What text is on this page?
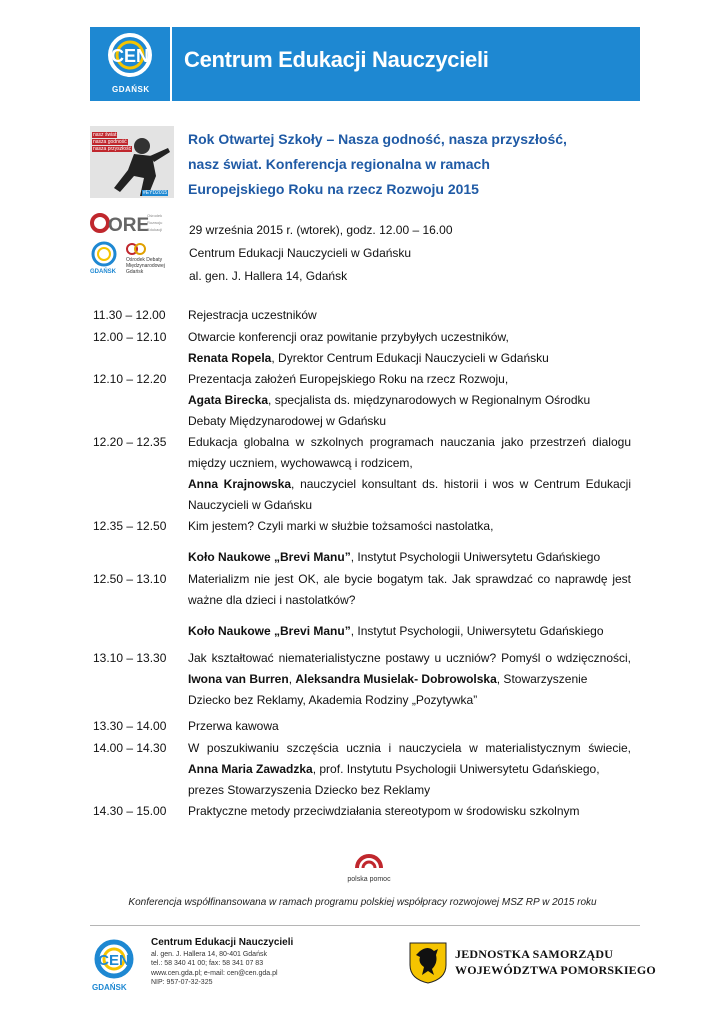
CEN
GDAŃSK
Centrum Edukacji Nauczycieli
nasz świat
nasza godność
nasza przyszłość
#EYD2015
Rok Otwartej Szkoły – Nasza godność, nasza przyszłość,
nasz świat. Konferencja regionalna w ramach
Europejskiego Roku na rzecz Rozwoju 2015
ORE
Ośrodek
Rozwoju
Edukacji
GDAŃSK
Ośrodek Debaty
Międzynarodowej
Gdańsk
29 września 2015 r. (wtorek), godz. 12.00 – 16.00
Centrum Edukacji Nauczycieli w Gdańsku
al. gen. J. Hallera 14, Gdańsk
11.30 – 12.00	Rejestracja uczestników
12.00 – 12.10	Otwarcie konferencji oraz powitanie przybyłych uczestników,
Renata Ropela, Dyrektor Centrum Edukacji Nauczycieli w Gdańsku
12.10 – 12.20	Prezentacja założeń Europejskiego Roku na rzecz Rozwoju,
Agata Birecka, specjalista ds. międzynarodowych w Regionalnym Ośrodku
Debaty Międzynarodowej w Gdańsku
12.20 – 12.35	Edukacja globalna w szkolnych programach nauczania jako przestrzeń dialogu
między uczniem, wychowawcą i rodzicem,
Anna Krajnowska, nauczyciel konsultant ds. historii i wos w Centrum Edukacji
Nauczycieli w Gdańsku
12.35 – 12.50	Kim jestem? Czyli marki w służbie tożsamości nastolatka,
Koło Naukowe „Brevi Manu”, Instytut Psychologii Uniwersytetu Gdańskiego
12.50 – 13.10	Materializm nie jest OK, ale bycie bogatym tak. Jak sprawdzać co naprawdę jest
ważne dla dzieci i nastolatków?
Koło Naukowe „Brevi Manu”, Instytut Psychologii, Uniwersytetu Gdańskiego
13.10 – 13.30	Jak kształtować niematerialistyczne postawy u uczniów? Pomyśl o wdzięczności,
Iwona van Burren, Aleksandra Musielak- Dobrowolska, Stowarzyszenie
Dziecko bez Reklamy, Akademia Rodziny „Pozytywka”
13.30 – 14.00	Przerwa kawowa
14.00 – 14.30	W poszukiwaniu szczęścia ucznia i nauczyciela w materialistycznym świecie,
Anna Maria Zawadzka, prof. Instytutu Psychologii Uniwersytetu Gdańskiego,
prezes Stowarzyszenia Dziecko bez Reklamy
14.30 – 15.00	Praktyczne metody przeciwdziałania stereotypom w środowisku szkolnym
polska pomoc
Konferencja współfinansowana w ramach programu polskiej współpracy rozwojowej MSZ RP w 2015 roku
CEN
GDAŃSK
Centrum Edukacji Nauczycieli
al. gen. J. Hallera 14, 80-401 Gdańsk
tel.: 58 340 41 00; fax: 58 341 07 83
www.cen.gda.pl; e-mail: cen@cen.gda.pl
NIP: 957-07-32-325
JEDNOSTKA SAMORZĄDU
WOJEWÓDZTWA POMORSKIEGO
